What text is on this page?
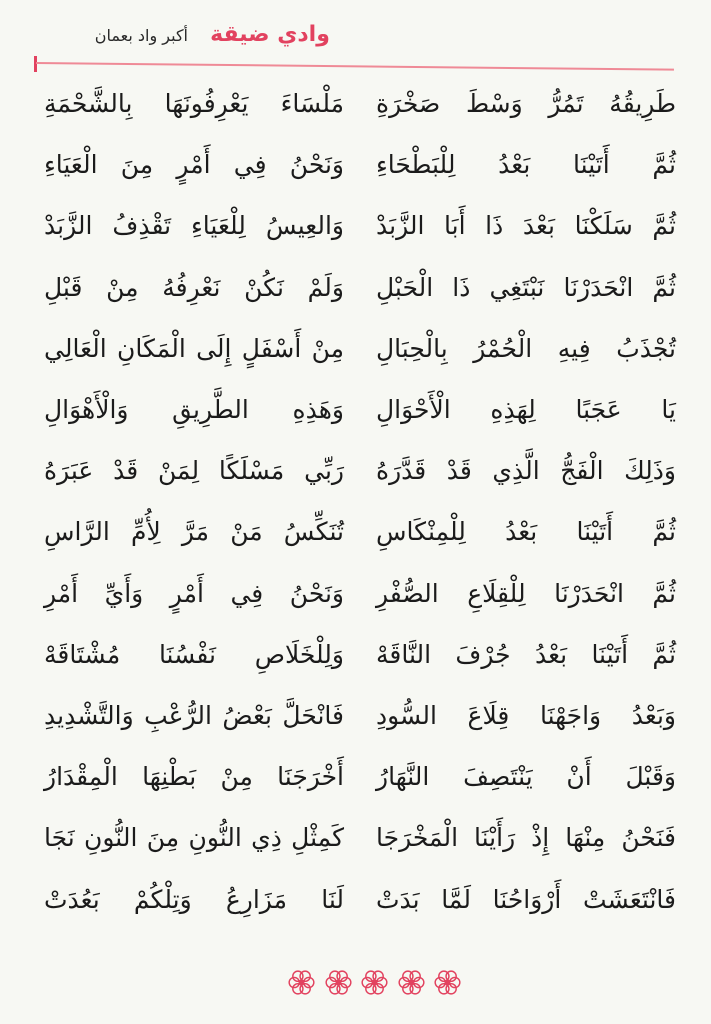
أكبر واد بعمان	وادي ضيقة
طَرِيقُهُ تَمُرُّ وَسْطَ صَخْرَةِ
مَلْسَاءَ يَعْرِفُونَهَا بِالشَّحْمَةِ
ثُمَّ أَتَيْنَا بَعْدُ لِلْبَطْحَاءِ
وَنَحْنُ فِي أَمْرٍ مِنَ الْعَيَاءِ
ثُمَّ سَلَكْنَا بَعْدَ ذَا أَبَا الزَّبَدْ
وَالعِيسُ لِلْعَيَاءِ تَقْذِفُ الزَّبَدْ
ثُمَّ انْحَدَرْنَا نَبْتَغِي ذَا الْحَبْلِ
وَلَمْ نَكُنْ نَعْرِفُهُ مِنْ قَبْلِ
تُجْذَبُ فِيهِ الْحُمْرُ بِالْحِبَالِ
مِنْ أَسْفَلٍ إِلَى الْمَكَانِ الْعَالِي
يَا عَجَبًا لِهَذِهِ الْأَحْوَالِ
وَهَذِهِ الطَّرِيقِ وَالْأَهْوَالِ
وَذَلِكَ الْفَجُّ الَّذِي قَدْ قَدَّرَهُ
رَبِّي مَسْلَكًا لِمَنْ قَدْ عَبَرَهُ
ثُمَّ أَتَيْنَا بَعْدُ لِلْمِنْكَاسِ
تُنَكِّسُ مَنْ مَرَّ لِأُمِّ الرَّاسِ
ثُمَّ انْحَدَرْنَا لِلْقِلَاعِ الصُّفْرِ
وَنَحْنُ فِي أَمْرٍ وَأَيِّ أَمْرِ
ثُمَّ أَتَيْنَا بَعْدُ جُرْفَ النَّاقَهْ
وَلِلْخَلَاصِ نَفْسُنَا مُشْتَاقَهْ
وَبَعْدُ وَاجَهْنَا قِلَاعَ السُّودِ
فَانْحَلَّ بَعْضُ الرُّعْبِ وَالتَّشْدِيدِ
وَقَبْلَ أَنْ يَنْتَصِفَ النَّهَارُ
أَخْرَجَنَا مِنْ بَطْنِهَا الْمِقْدَارُ
فَنَحْنُ مِنْهَا إِذْ رَأَيْنَا الْمَخْرَجَا
كَمِثْلِ ذِي النُّونِ مِنَ النُّونِ نَجَا
فَانْتَعَشَتْ أَرْوَاحُنَا لَمَّا بَدَتْ
لَنَا مَزَارِعُ وَتِلْكُمْ بَعُدَتْ
